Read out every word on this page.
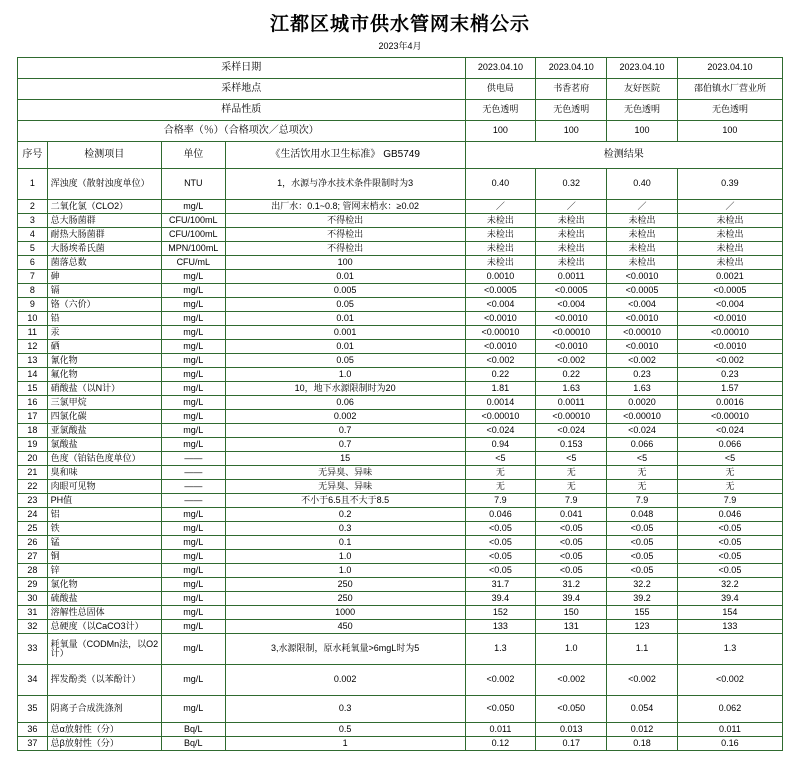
江都区城市供水管网末梢公示
2023年4月
采样日期				2023.04.10	2023.04.10	2023.04.10	2023.04.10
采样地点				供电局	书香茗府	友好医院	邵伯镇水厂营业所
样品性质				无色透明	无色透明	无色透明	无色透明
合格率（％）（合格项次／总项次）				100	100	100	100
序号	检测项目	单位	《生活饮用水卫生标准》 GB5749	检测结果			
1	浑浊度（散射浊度单位）	NTU	1，水源与净水技术条件限制时为3	0.40	0.32	0.40	0.39
2	二氧化氯（CLO2）	mg/L	出厂水：0.1~0.8; 管网末梢水：≥0.02	／	／	／	／
3	总大肠菌群	CFU/100mL	不得检出	未检出	未检出	未检出	未检出
4	耐热大肠菌群	CFU/100mL	不得检出	未检出	未检出	未检出	未检出
5	大肠埃希氏菌	MPN/100mL	不得检出	未检出	未检出	未检出	未检出
6	菌落总数	CFU/mL	100	未检出	未检出	未检出	未检出
7	砷	mg/L	0.01	0.0010	0.0011	<0.0010	0.0021
8	镉	mg/L	0.005	<0.0005	<0.0005	<0.0005	<0.0005
9	铬（六价）	mg/L	0.05	<0.004	<0.004	<0.004	<0.004
10	铅	mg/L	0.01	<0.0010	<0.0010	<0.0010	<0.0010
11	汞	mg/L	0.001	<0.00010	<0.00010	<0.00010	<0.00010
12	硒	mg/L	0.01	<0.0010	<0.0010	<0.0010	<0.0010
13	氰化物	mg/L	0.05	<0.002	<0.002	<0.002	<0.002
14	氟化物	mg/L	1.0	0.22	0.22	0.23	0.23
15	硝酸盐（以N计）	mg/L	10，地下水源限制时为20	1.81	1.63	1.63	1.57
16	三氯甲烷	mg/L	0.06	0.0014	0.0011	0.0020	0.0016
17	四氯化碳	mg/L	0.002	<0.00010	<0.00010	<0.00010	<0.00010
18	亚氯酸盐	mg/L	0.7	<0.024	<0.024	<0.024	<0.024
19	氯酸盐	mg/L	0.7	0.94	0.153	0.066	0.066
20	色度（铂钴色度单位）	——	15	<5	<5	<5	<5
21	臭和味	——	无异臭、异味	无	无	无	无
22	肉眼可见物	——	无异臭、异味	无	无	无	无
23	PH值	——	不小于6.5且不大于8.5	7.9	7.9	7.9	7.9
24	铝	mg/L	0.2	0.046	0.041	0.048	0.046
25	铁	mg/L	0.3	<0.05	<0.05	<0.05	<0.05
26	锰	mg/L	0.1	<0.05	<0.05	<0.05	<0.05
27	铜	mg/L	1.0	<0.05	<0.05	<0.05	<0.05
28	锌	mg/L	1.0	<0.05	<0.05	<0.05	<0.05
29	氯化物	mg/L	250	31.7	31.2	32.2	32.2
30	硫酸盐	mg/L	250	39.4	39.4	39.2	39.4
31	溶解性总固体	mg/L	1000	152	150	155	154
32	总硬度（以CaCO3计）	mg/L	450	133	131	123	133
33	耗氧量（CODMn法，以O2计）	mg/L	3,水源限制，原水耗氧量>6mgL时为5	1.3	1.0	1.1	1.3
34	挥发酚类（以苯酚计）	mg/L	0.002	<0.002	<0.002	<0.002	<0.002
35	阴离子合成洗涤剂	mg/L	0.3	<0.050	<0.050	0.054	0.062
36	总α放射性（分）	Bq/L	0.5	0.011	0.013	0.012	0.011
37	总β放射性（分）	Bq/L	1	0.12	0.17	0.18	0.16
